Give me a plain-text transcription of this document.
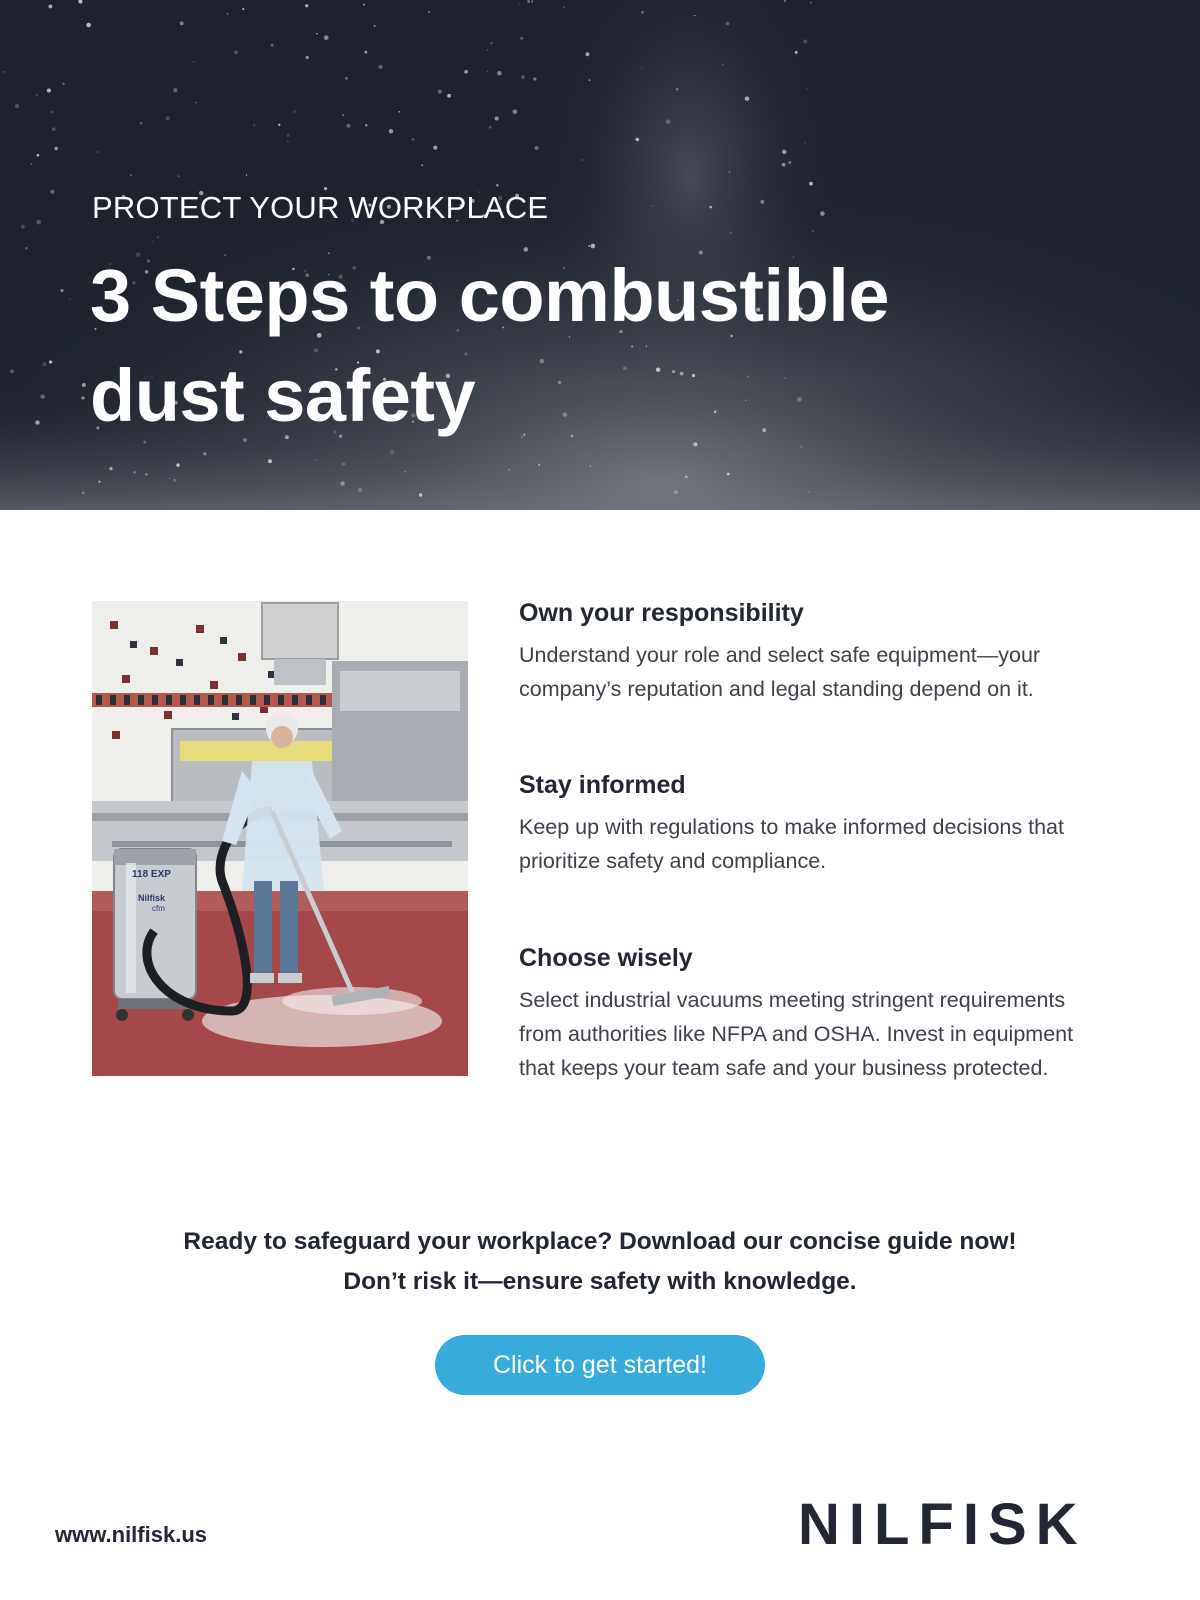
PROTECT YOUR WORKPLACE
3 Steps to combustible
dust safety
118 EXP
Nilfisk
cfm
Own your responsibility

Understand your role and select safe equipment—your company’s reputation and legal standing depend on it.

Stay informed

Keep up with regulations to make informed decisions that prioritize safety and compliance.

Choose wisely

Select industrial vacuums meeting stringent requirements from authorities like NFPA and OSHA. Invest in equipment that keeps your team safe and your business protected.

Ready to safeguard your workplace? Download our concise guide now!
Don’t risk it—ensure safety with knowledge.
Click to get started!
www.nilfisk.us	NILFISK
